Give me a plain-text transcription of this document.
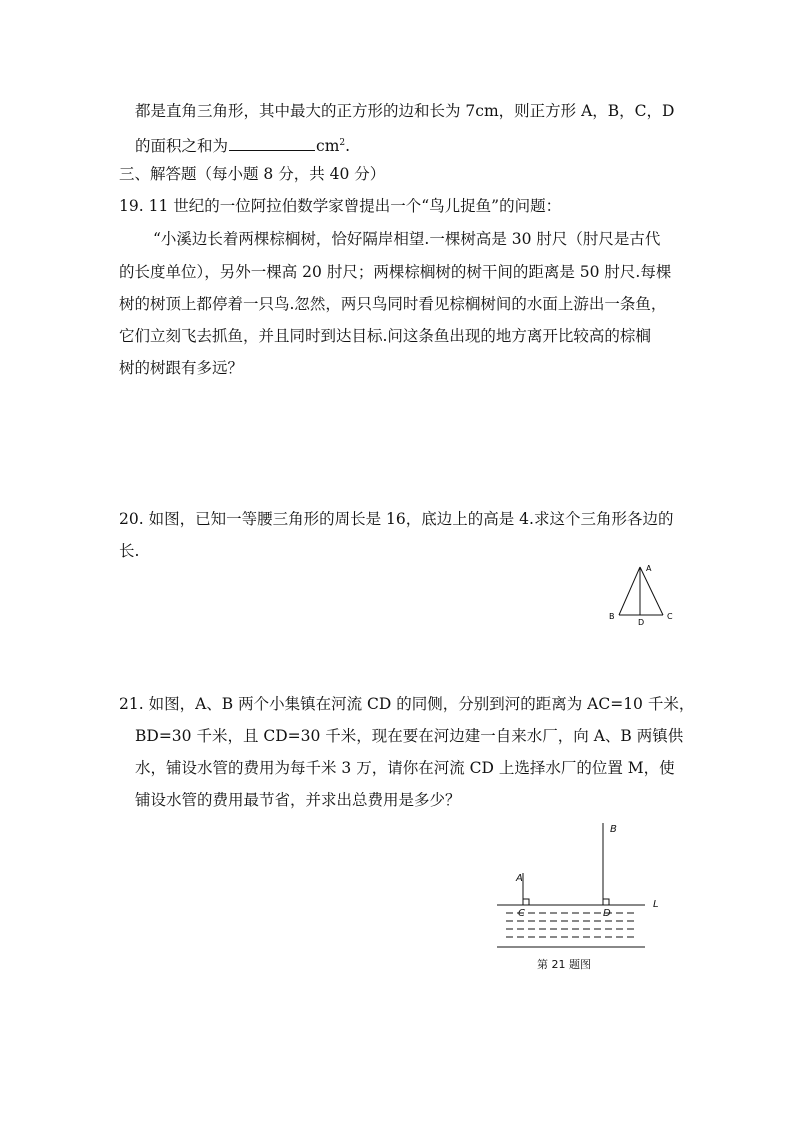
都是直角三角形，其中最大的正方形的边和长为 7cm，则正方形 A，B，C，D
的面积之和为	$cm^2$.
三、解答题（每小题 8 分，共 40 分）
19. 11 世纪的一位阿拉伯数学家曾提出一个“鸟儿捉鱼”的问题：
“小溪边长着两棵棕榈树，恰好隔岸相望.一棵树高是 30 肘尺（肘尺是古代
的长度单位），另外一棵高 20 肘尺；两棵棕榈树的树干间的距离是 50 肘尺.每棵
树的树顶上都停着一只鸟.忽然，两只鸟同时看见棕榈树间的水面上游出一条鱼，
它们立刻飞去抓鱼，并且同时到达目标.问这条鱼出现的地方离开比较高的棕榈
树的树跟有多远？
20. 如图，已知一等腰三角形的周长是 16，底边上的高是 4.求这个三角形各边的
长.
A
B
D
C
21. 如图，A、B 两个小集镇在河流 CD 的同侧，分别到河的距离为 AC=10 千米，
BD=30 千米，且 CD=30 千米，现在要在河边建一自来水厂，向 A、B 两镇供
水，铺设水管的费用为每千米 3 万，请你在河流 CD 上选择水厂的位置 M，使
铺设水管的费用最节省，并求出总费用是多少？
A
B
C	D
L
第 21 题图
